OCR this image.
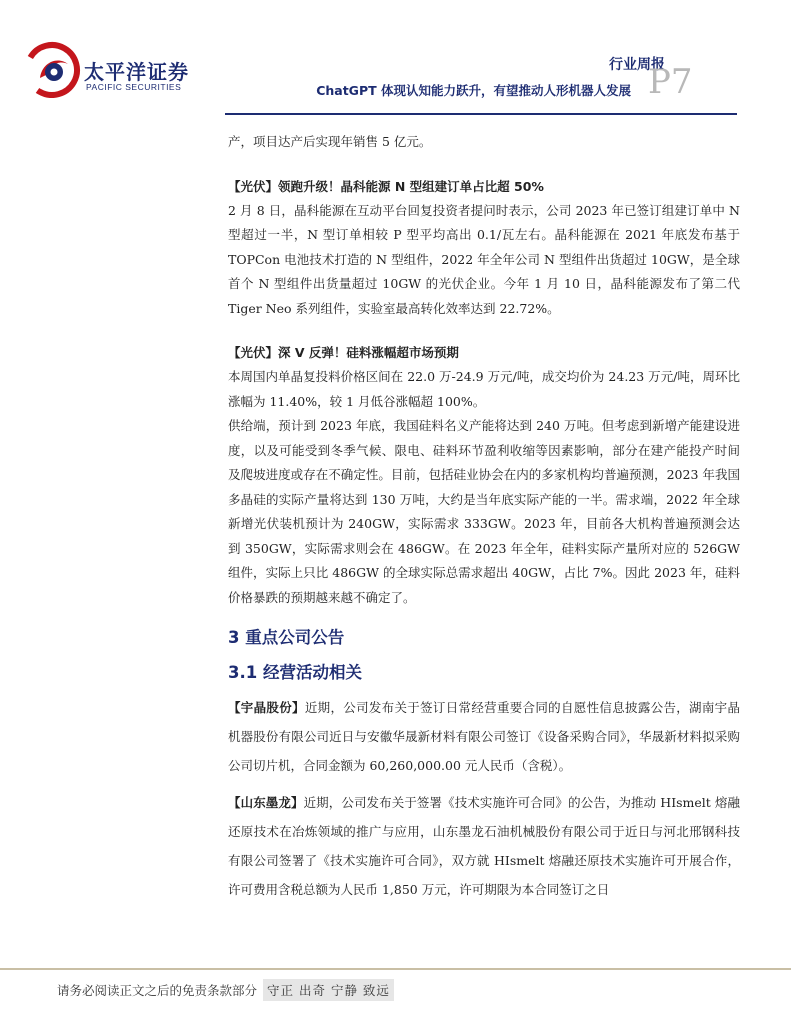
太平洋证券
PACIFIC SECURITIES
行业周报
ChatGPT 体现认知能力跃升，有望推动人形机器人发展 P7

产，项目达产后实现年销售 5 亿元。

【光伏】领跑升级！晶科能源 N 型组建订单占比超 50%

2 月 8 日，晶科能源在互动平台回复投资者提问时表示，公司 2023 年已签订组建订单中 N 型超过一半，N 型订单相较 P 型平均高出 0.1/瓦左右。晶科能源在 2021 年底发布基于 TOPCon 电池技术打造的 N 型组件，2022 年全年公司 N 型组件出货超过 10GW，是全球首个 N 型组件出货量超过 10GW 的光伏企业。今年 1 月 10 日，晶科能源发布了第二代 Tiger Neo 系列组件，实验室最高转化效率达到 22.72%。

【光伏】深 V 反弹！硅料涨幅超市场预期

本周国内单晶复投料价格区间在 22.0 万-24.9 万元/吨，成交均价为 24.23 万元/吨，周环比涨幅为 11.40%，较 1 月低谷涨幅超 100%。

供给端，预计到 2023 年底，我国硅料名义产能将达到 240 万吨。但考虑到新增产能建设进度，以及可能受到冬季气候、限电、硅料环节盈利收缩等因素影响，部分在建产能投产时间及爬坡进度或存在不确定性。目前，包括硅业协会在内的多家机构均普遍预测，2023 年我国多晶硅的实际产量将达到 130 万吨，大约是当年底实际产能的一半。需求端，2022 年全球新增光伏装机预计为 240GW，实际需求 333GW。2023 年，目前各大机构普遍预测会达到 350GW，实际需求则会在 486GW。在 2023 年全年，硅料实际产量所对应的 526GW 组件，实际上只比 486GW 的全球实际总需求超出 40GW，占比 7%。因此 2023 年，硅料价格暴跌的预期越来越不确定了。

3 重点公司公告
3.1 经营活动相关

【宇晶股份】近期，公司发布关于签订日常经营重要合同的自愿性信息披露公告，湖南宇晶机器股份有限公司近日与安徽华晟新材料有限公司签订《设备采购合同》，华晟新材料拟采购公司切片机，合同金额为 60,260,000.00 元人民币（含税）。

【山东墨龙】近期，公司发布关于签署《技术实施许可合同》的公告，为推动 HIsmelt 熔融还原技术在冶炼领域的推广与应用，山东墨龙石油机械股份有限公司于近日与河北邢钢科技有限公司签署了《技术实施许可合同》，双方就 HIsmelt 熔融还原技术实施许可开展合作，许可费用含税总额为人民币 1,850 万元，许可期限为本合同签订之日

请务必阅读正文之后的免责条款部分 守正 出奇 宁静 致远
